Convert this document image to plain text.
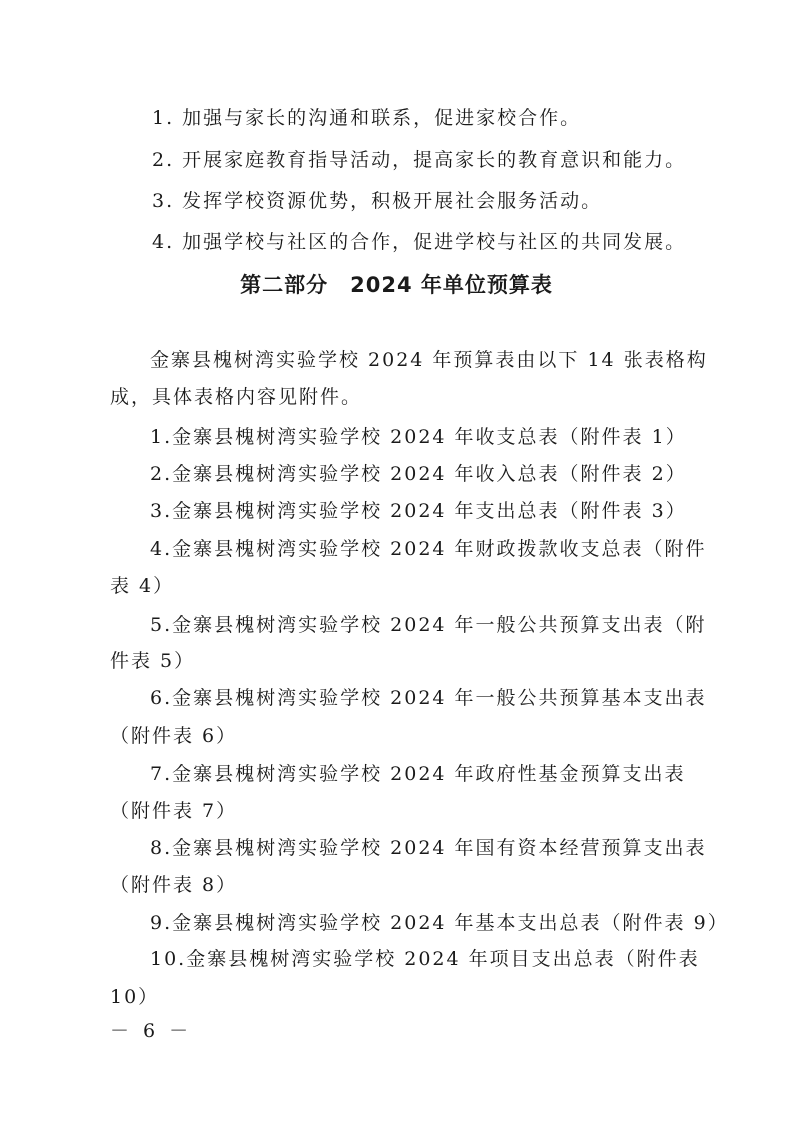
1. 加强与家长的沟通和联系，促进家校合作。
2. 开展家庭教育指导活动，提高家长的教育意识和能力。
3. 发挥学校资源优势，积极开展社会服务活动。
4. 加强学校与社区的合作，促进学校与社区的共同发展。
第二部分　2024 年单位预算表
金寨县槐树湾实验学校 2024 年预算表由以下 14 张表格构
成，具体表格内容见附件。
1.金寨县槐树湾实验学校 2024 年收支总表（附件表 1）
2.金寨县槐树湾实验学校 2024 年收入总表（附件表 2）
3.金寨县槐树湾实验学校 2024 年支出总表（附件表 3）
4.金寨县槐树湾实验学校 2024 年财政拨款收支总表（附件
表 4）
5.金寨县槐树湾实验学校 2024 年一般公共预算支出表（附
件表 5）
6.金寨县槐树湾实验学校 2024 年一般公共预算基本支出表
（附件表 6）
7.金寨县槐树湾实验学校 2024 年政府性基金预算支出表
（附件表 7）
8.金寨县槐树湾实验学校 2024 年国有资本经营预算支出表
（附件表 8）
9.金寨县槐树湾实验学校 2024 年基本支出总表（附件表 9）
10.金寨县槐树湾实验学校 2024 年项目支出总表（附件表
10）
－ 6 －
